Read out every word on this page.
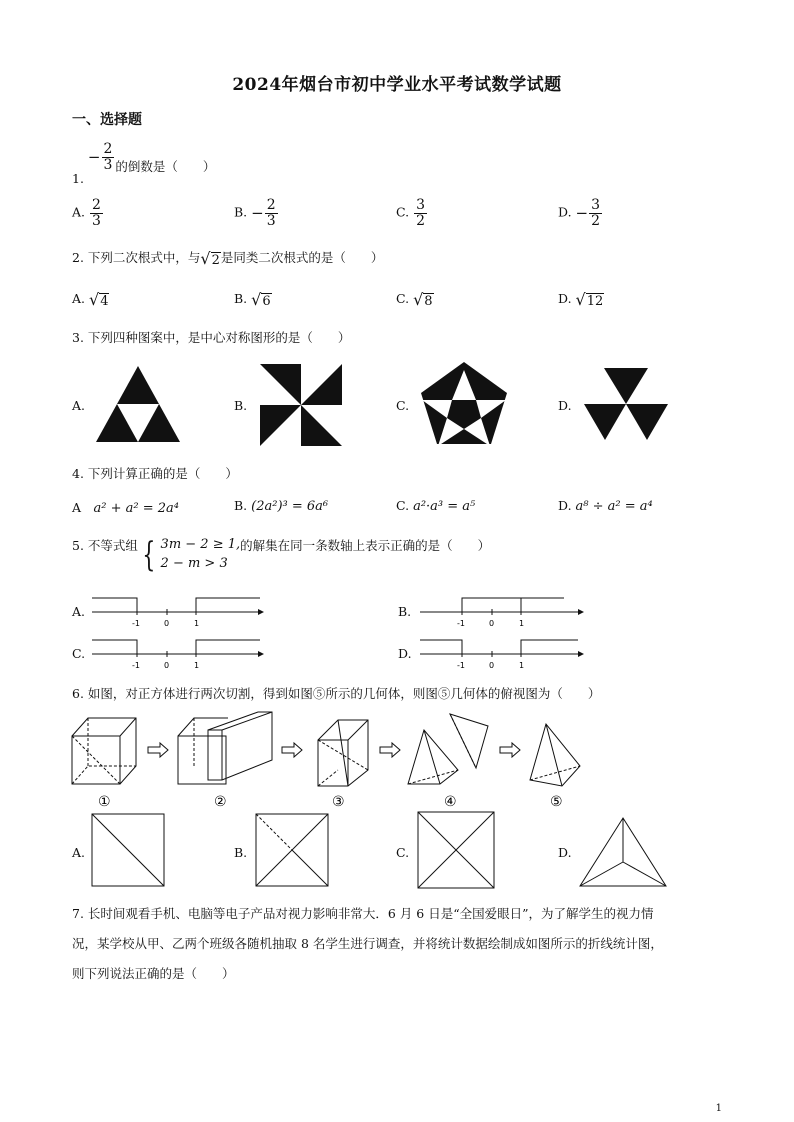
2024年烟台市初中学业水平考试数学试题
一、选择题
1. − $\frac{2}{3}$ 的倒数是（　　）
A. $\frac{2}{3}$	B. − $\frac{2}{3}$	C. $\frac{3}{2}$	D. − $\frac{3}{2}$
2. 下列二次根式中，与√2是同类二次根式的是（　　）
A. √4	B. √6	C. √8	D. √12
3. 下列四种图案中，是中心对称图形的是（　　）
A.	B.	C.	D.
4. 下列计算正确的是（　　）
A　 a² + a² = 2a⁴	B. (2a²)³ = 6a⁶	C. a²·a³ = a⁵	D. a⁸ ÷ a² = a⁴
5. 不等式组 { 3m − 2 ≥ 1,
2 − m > 3
的解集在同一条数轴上表示正确的是（　　）
A.
-1	0	1
B.
-1	0	1
C.
-1	0	1
D.
-1	0	1
6. 如图，对正方体进行两次切割，得到如图⑤所示的几何体，则图⑤几何体的俯视图为（　　）
①	②	③	④	⑤
A.	B.	C.	D.
7. 长时间观看手机、电脑等电子产品对视力影响非常大．6 月 6 日是“全国爱眼日”，为了解学生的视力情
况，某学校从甲、乙两个班级各随机抽取 8 名学生进行调查，并将统计数据绘制成如图所示的折线统计图，
则下列说法正确的是（　　）
1
